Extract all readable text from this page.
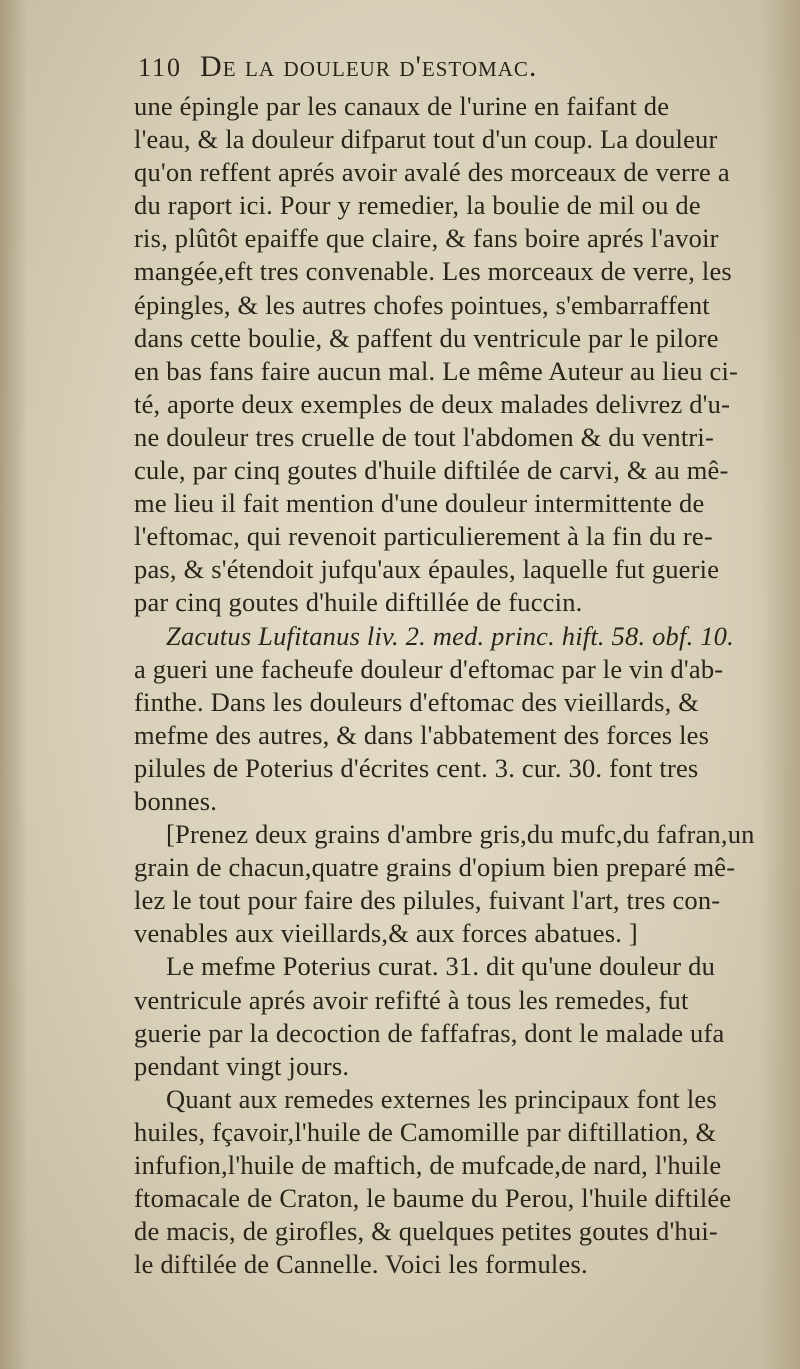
110 De la douleur d'estomac.
une épingle par les canaux de l'urine en faifant de
l'eau, & la douleur difparut tout d'un coup. La douleur
qu'on reffent aprés avoir avalé des morceaux de verre a
du raport ici. Pour y remedier, la boulie de mil ou de
ris, plûtôt epaiffe que claire, & fans boire aprés l'avoir
mangée,eft tres convenable. Les morceaux de verre, les
épingles, & les autres chofes pointues, s'embarraffent
dans cette boulie, & paffent du ventricule par le pilore
en bas fans faire aucun mal. Le même Auteur au lieu ci-
té, aporte deux exemples de deux malades delivrez d'u-
ne douleur tres cruelle de tout l'abdomen & du ventri-
cule, par cinq goutes d'huile diftilée de carvi, & au mê-
me lieu il fait mention d'une douleur intermittente de
l'eftomac, qui revenoit particulierement à la fin du re-
pas, & s'étendoit jufqu'aux épaules, laquelle fut guerie
par cinq goutes d'huile diftillée de fuccin.
Zacutus Lufitanus liv. 2. med. princ. hift. 58. obf. 10.
a gueri une facheufe douleur d'eftomac par le vin d'ab-
finthe. Dans les douleurs d'eftomac des vieillards, &
mefme des autres, & dans l'abbatement des forces les
pilules de Poterius d'écrites cent. 3. cur. 30. font tres
bonnes.
[Prenez deux grains d'ambre gris,du mufc,du fafran,un
grain de chacun,quatre grains d'opium bien preparé mê-
lez le tout pour faire des pilules, fuivant l'art, tres con-
venables aux vieillards,& aux forces abatues. ]
Le mefme Poterius curat. 31. dit qu'une douleur du
ventricule aprés avoir refifté à tous les remedes, fut
guerie par la decoction de faffafras, dont le malade ufa
pendant vingt jours.
Quant aux remedes externes les principaux font les
huiles, fçavoir,l'huile de Camomille par diftillation, &
infufion,l'huile de maftich, de mufcade,de nard, l'huile
ftomacale de Craton, le baume du Perou, l'huile diftilée
de macis, de girofles, & quelques petites goutes d'hui-
le diftilée de Cannelle. Voici les formules.
